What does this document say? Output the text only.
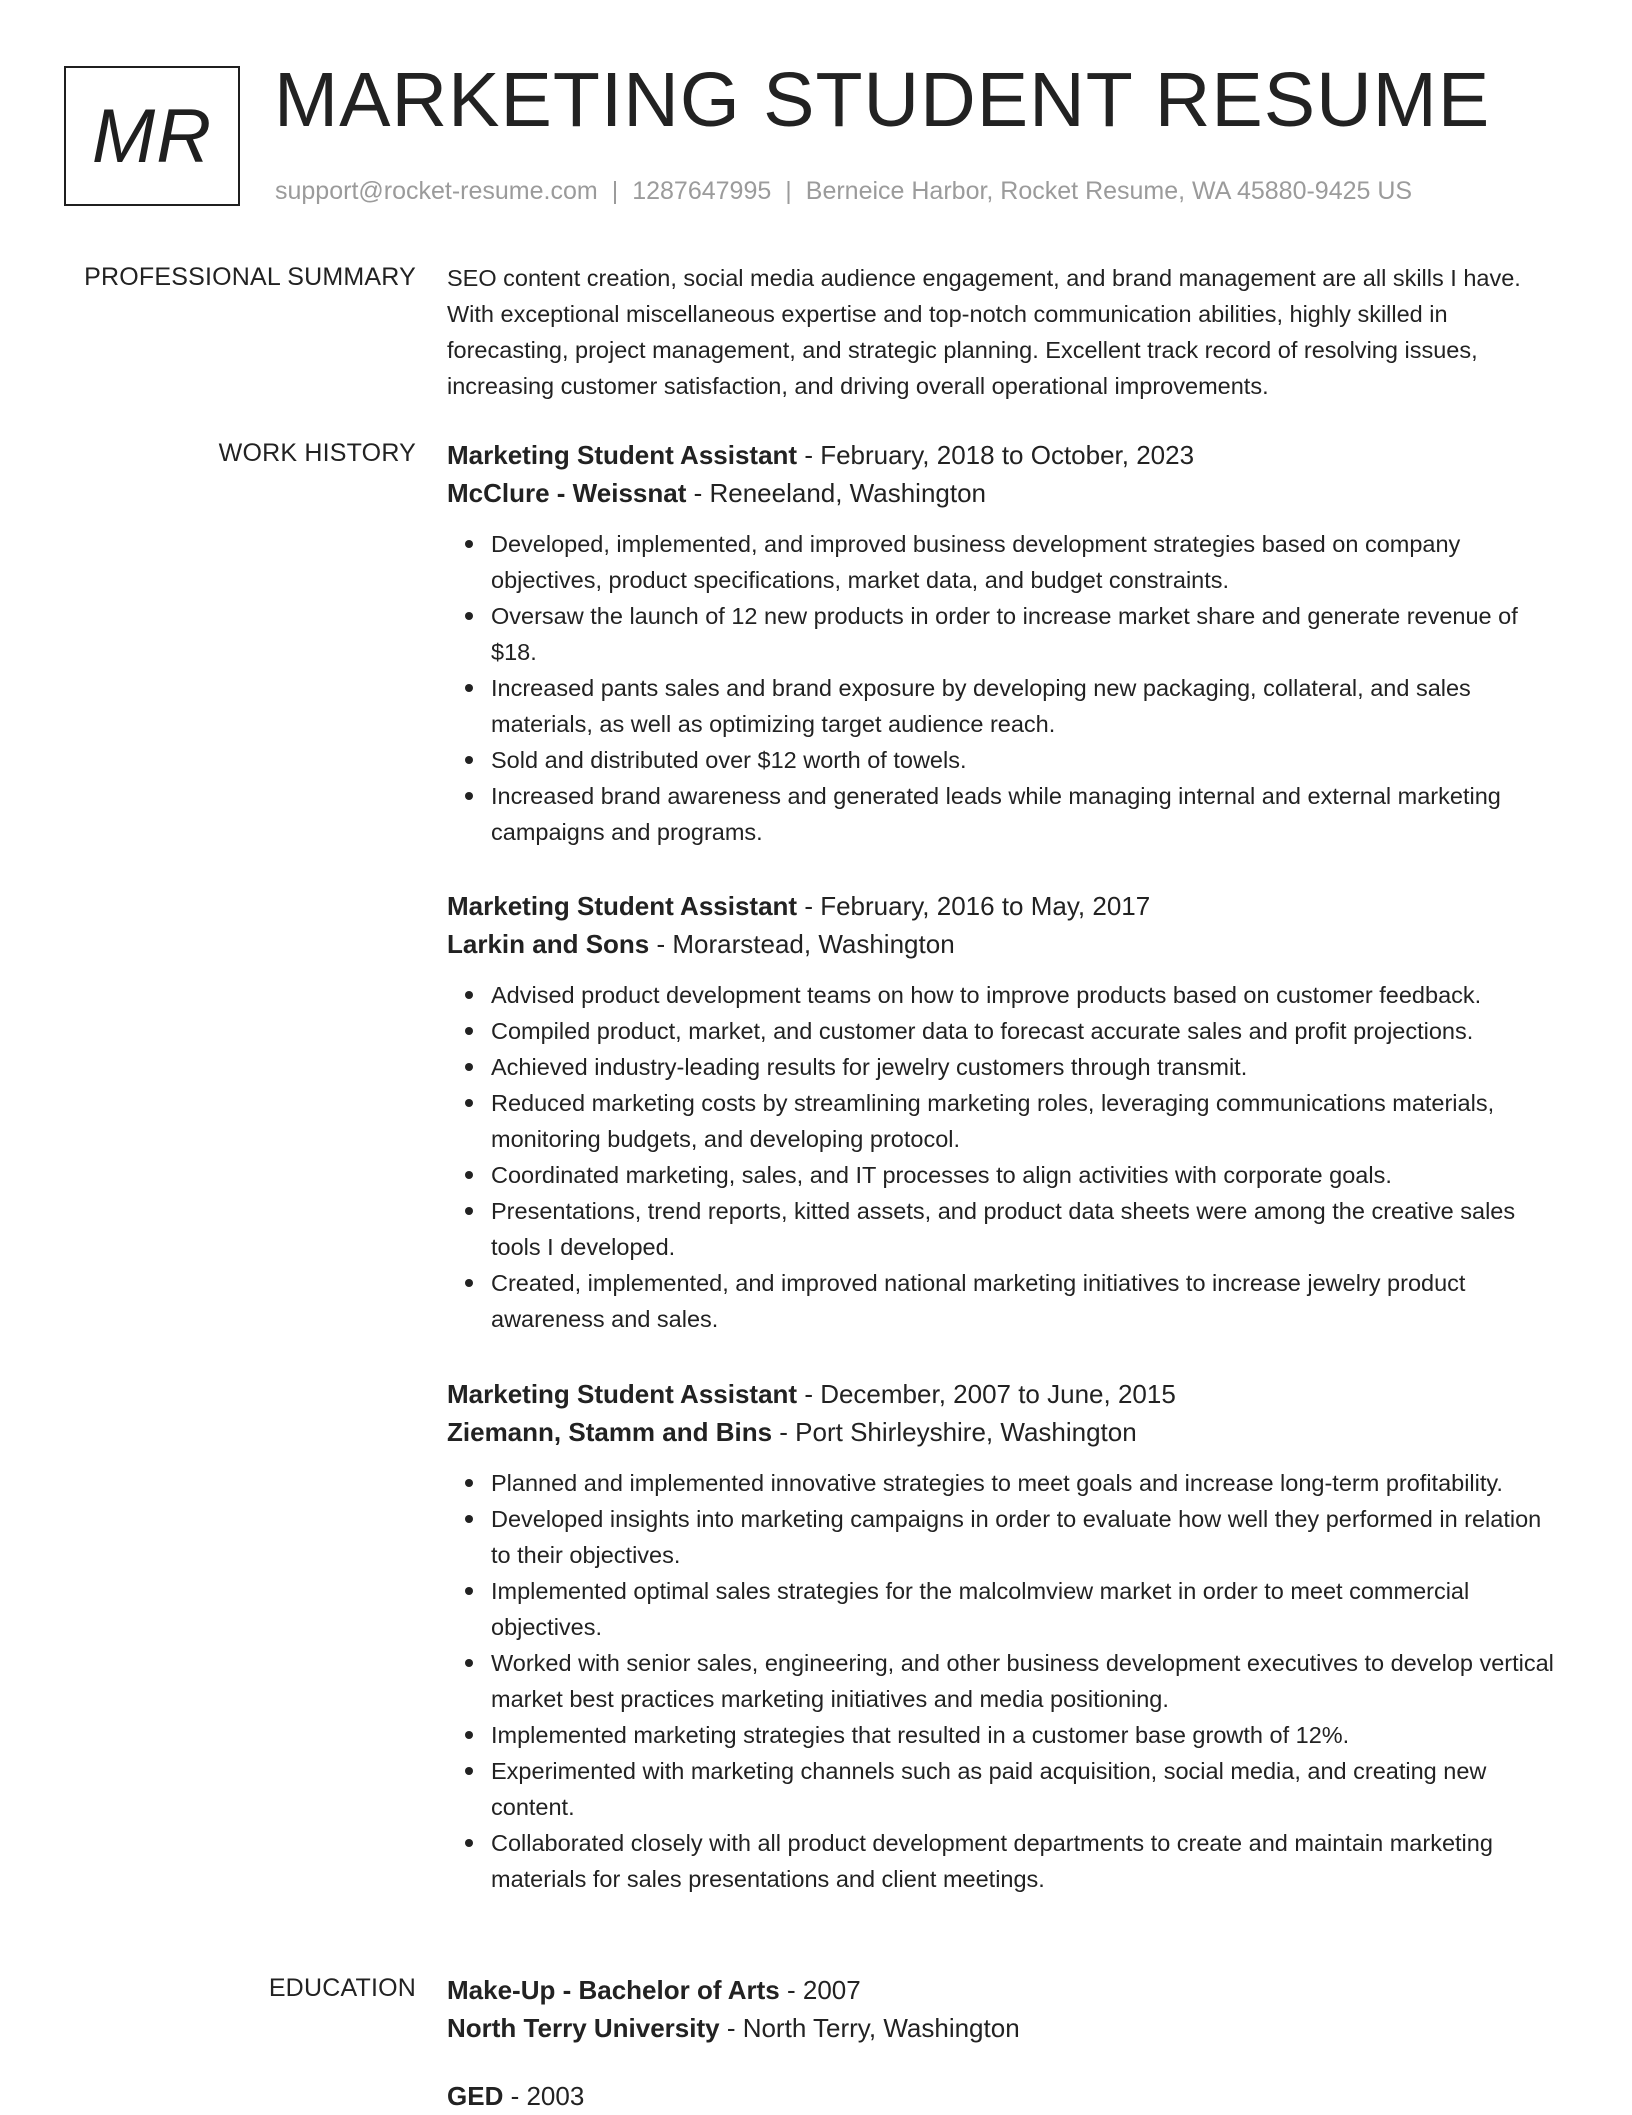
MR MARKETING STUDENT RESUME
support@rocket-resume.com | 1287647995 | Berneice Harbor, Rocket Resume, WA 45880-9425 US
PROFESSIONAL SUMMARY SEO content creation, social media audience engagement, and brand management are all skills I have. With exceptional miscellaneous expertise and top-notch communication abilities, highly skilled in forecasting, project management, and strategic planning. Excellent track record of resolving issues, increasing customer satisfaction, and driving overall operational improvements.

WORK HISTORY Marketing Student Assistant - February, 2018 to October, 2023
McClure - Weissnat - Reneeland, Washington
Developed, implemented, and improved business development strategies based on company objectives, product specifications, market data, and budget constraints.
Oversaw the launch of 12 new products in order to increase market share and generate revenue of $18.
Increased pants sales and brand exposure by developing new packaging, collateral, and sales materials, as well as optimizing target audience reach.
Sold and distributed over $12 worth of towels.
Increased brand awareness and generated leads while managing internal and external marketing campaigns and programs.
Marketing Student Assistant - February, 2016 to May, 2017
Larkin and Sons - Morarstead, Washington
Advised product development teams on how to improve products based on customer feedback.
Compiled product, market, and customer data to forecast accurate sales and profit projections.
Achieved industry-leading results for jewelry customers through transmit.
Reduced marketing costs by streamlining marketing roles, leveraging communications materials, monitoring budgets, and developing protocol.
Coordinated marketing, sales, and IT processes to align activities with corporate goals.
Presentations, trend reports, kitted assets, and product data sheets were among the creative sales tools I developed.
Created, implemented, and improved national marketing initiatives to increase jewelry product awareness and sales.
Marketing Student Assistant - December, 2007 to June, 2015
Ziemann, Stamm and Bins - Port Shirleyshire, Washington
Planned and implemented innovative strategies to meet goals and increase long-term profitability.
Developed insights into marketing campaigns in order to evaluate how well they performed in relation to their objectives.
Implemented optimal sales strategies for the malcolmview market in order to meet commercial objectives.
Worked with senior sales, engineering, and other business development executives to develop vertical market best practices marketing initiatives and media positioning.
Implemented marketing strategies that resulted in a customer base growth of 12%.
Experimented with marketing channels such as paid acquisition, social media, and creating new content.
Collaborated closely with all product development departments to create and maintain marketing materials for sales presentations and client meetings.
EDUCATION Make-Up - Bachelor of Arts - 2007
North Terry University - North Terry, Washington
GED - 2003
